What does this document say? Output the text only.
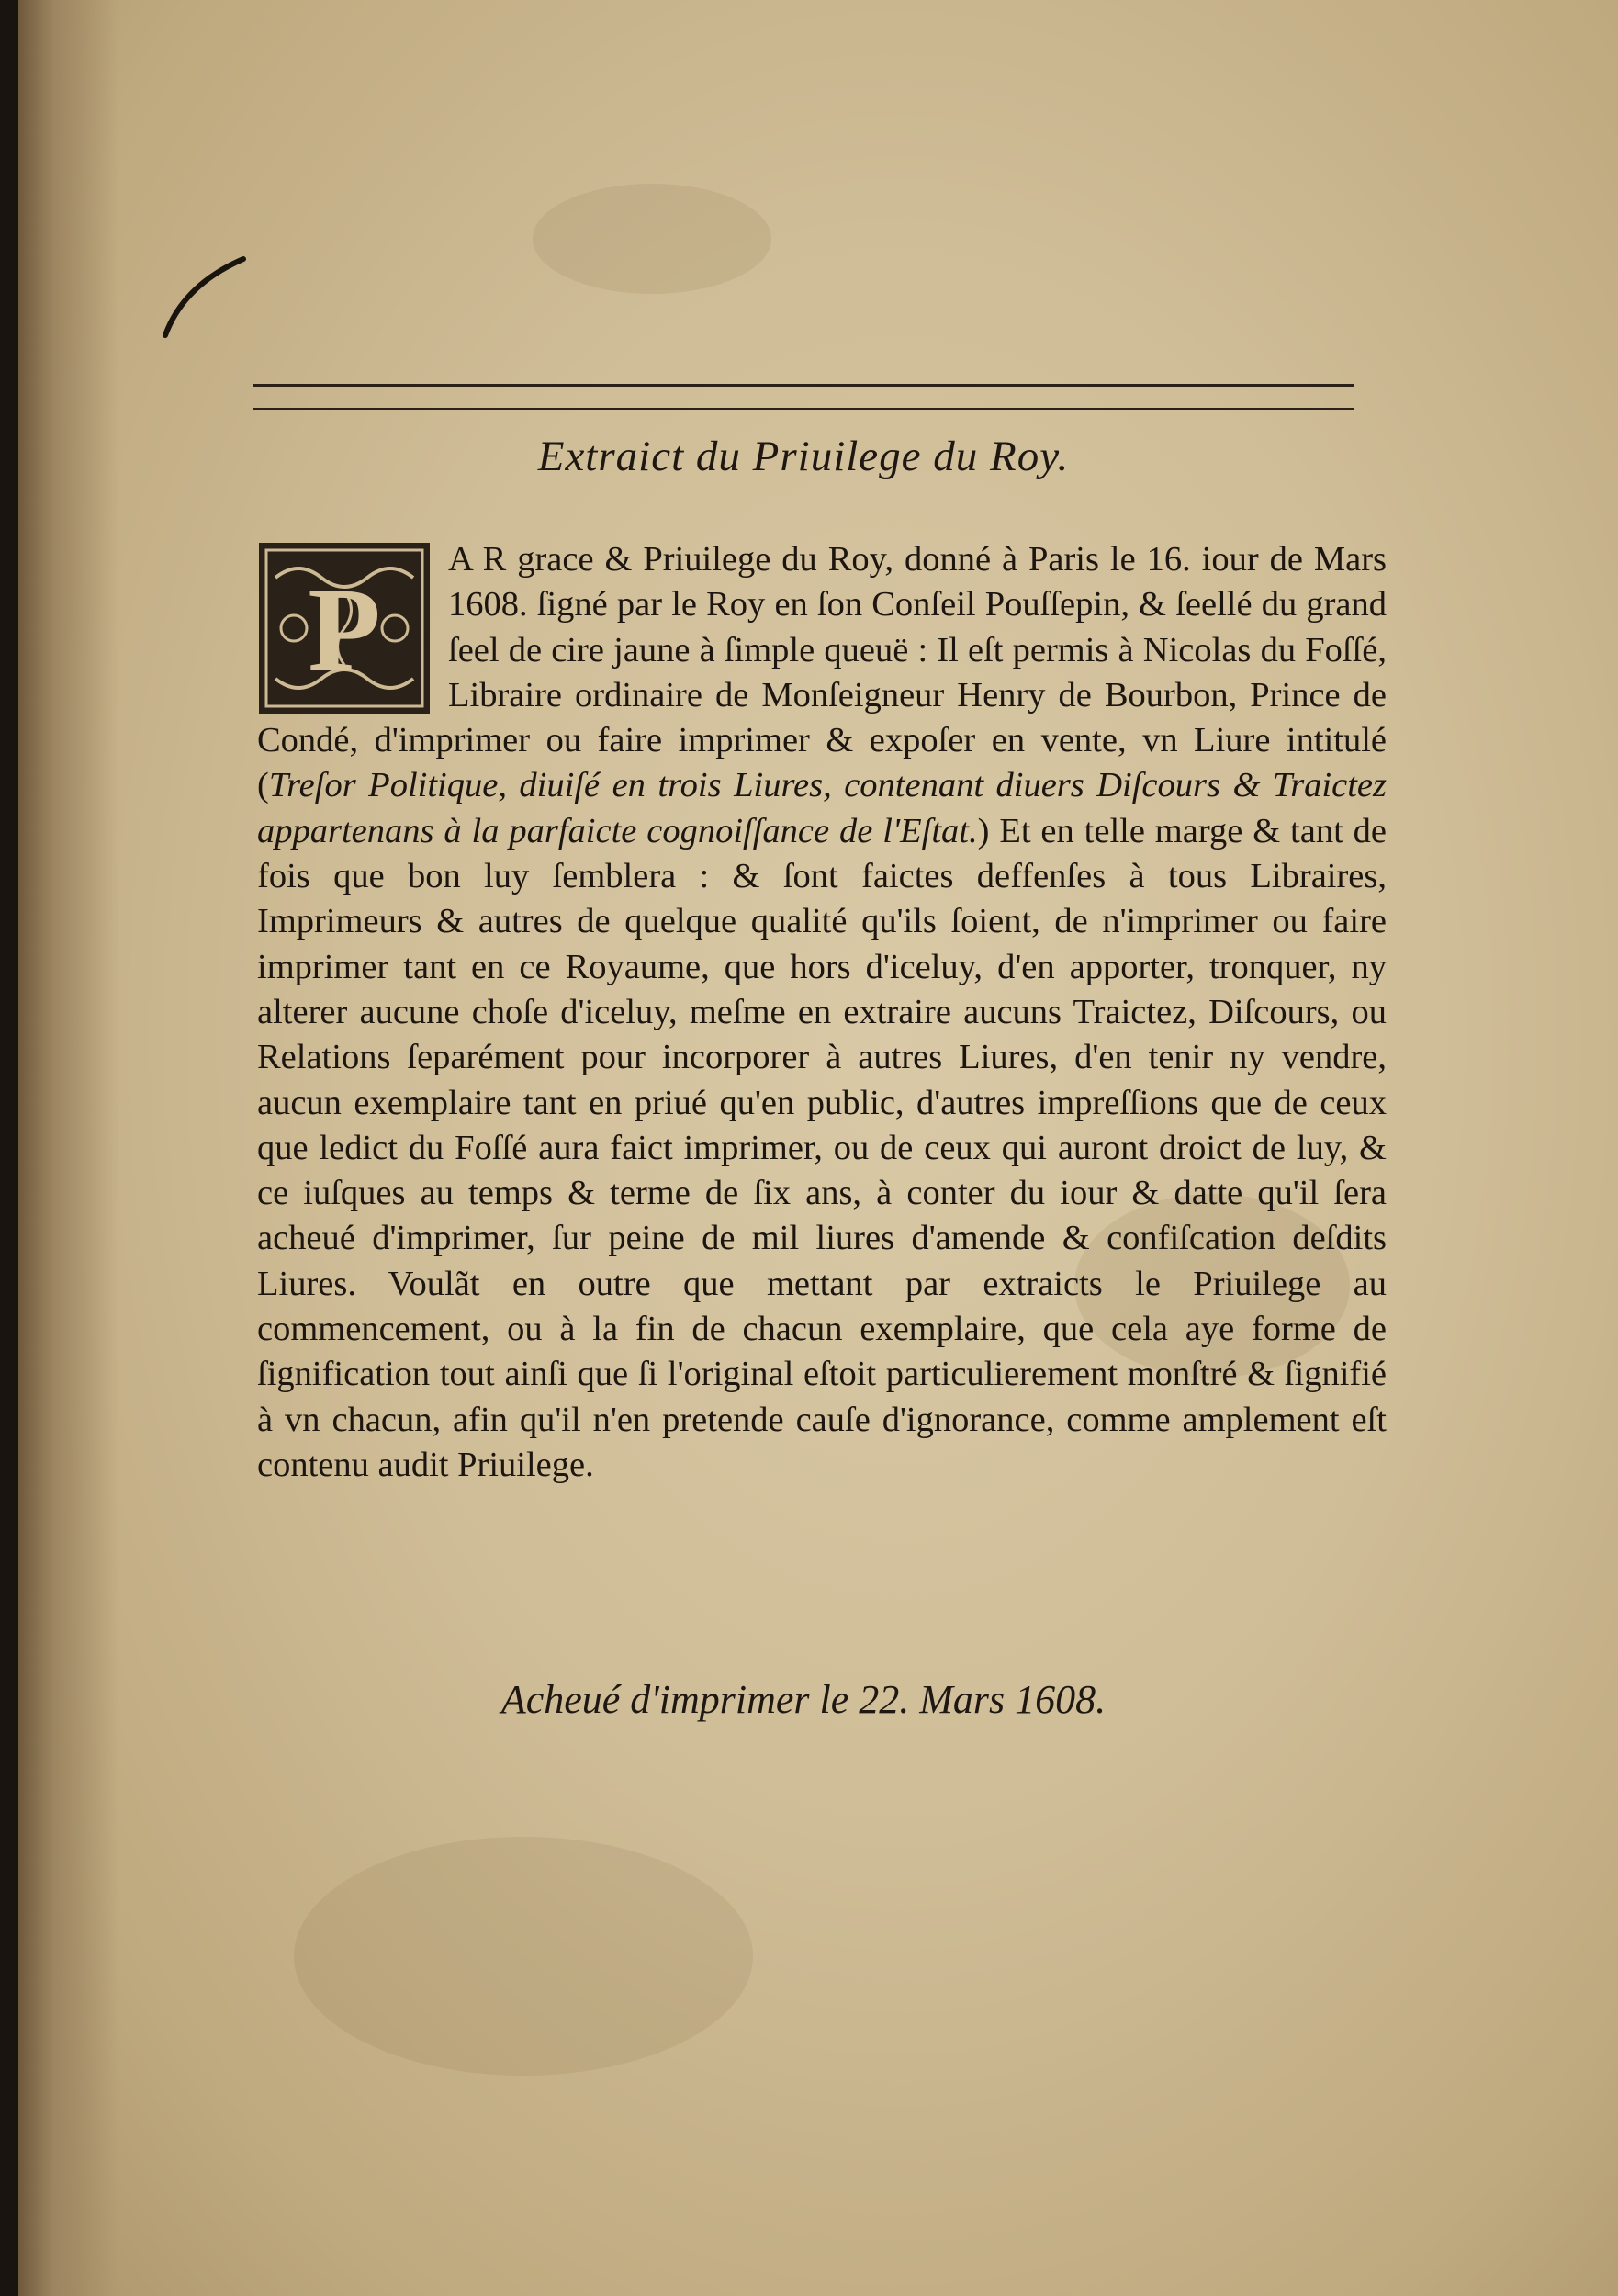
Extraict du Priuilege du Roy.
P
A R grace & Priuilege du Roy, donné à Paris le 16. iour de Mars 1608. ſigné par le Roy en ſon Conſeil Pouſſepin, & ſeellé du grand ſeel de cire jaune à ſimple queuë : Il eſt permis à Nicolas du Foſſé, Libraire ordinaire de Monſeigneur Henry de Bourbon, Prince de Condé, d'imprimer ou faire imprimer & expoſer en vente, vn Liure intitulé (Treſor Politique, diuiſé en trois Liures, contenant diuers Diſcours & Traictez appartenans à la parfaicte cognoiſſance de l'Eſtat.) Et en telle marge & tant de fois que bon luy ſemblera : & ſont faictes deffenſes à tous Libraires, Imprimeurs & autres de quelque qualité qu'ils ſoient, de n'imprimer ou faire imprimer tant en ce Royaume, que hors d'iceluy, d'en apporter, tronquer, ny alterer aucune choſe d'iceluy, meſme en extraire aucuns Traictez, Diſcours, ou Relations ſeparément pour incorporer à autres Liures, d'en tenir ny vendre, aucun exemplaire tant en priué qu'en public, d'autres impreſſions que de ceux que ledict du Foſſé aura faict imprimer, ou de ceux qui auront droict de luy, & ce iuſques au temps & terme de ſix ans, à conter du iour & datte qu'il ſera acheué d'imprimer, ſur peine de mil liures d'amende & confiſcation deſdits Liures. Voulãt en outre que mettant par extraicts le Priuilege au commencement, ou à la fin de chacun exemplaire, que cela aye forme de ſignification tout ainſi que ſi l'original eſtoit particulierement monſtré & ſignifié à vn chacun, afin qu'il n'en pretende cauſe d'ignorance, comme amplement eſt contenu audit Priuilege.
Acheué d'imprimer le 22. Mars 1608.
